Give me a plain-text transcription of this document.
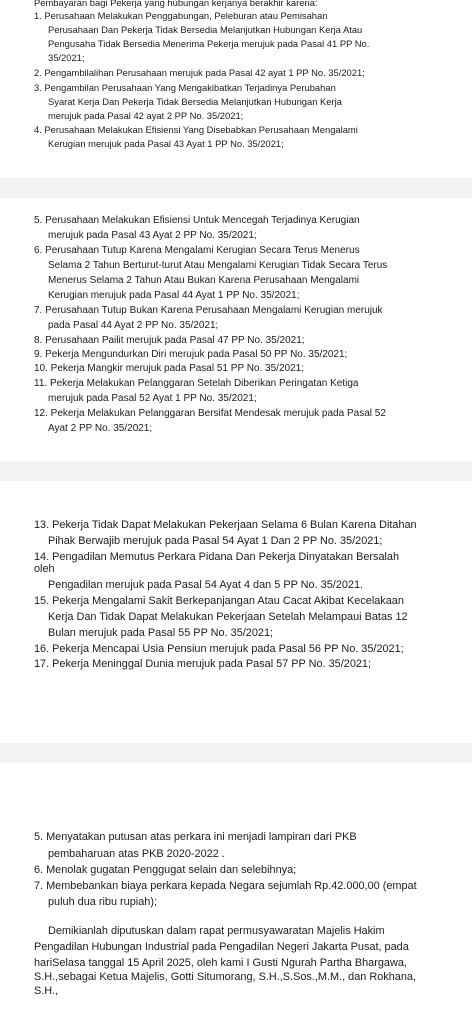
Pembayaran bagi Pekerja yang hubungan kerjanya berakhir karena:
1. Perusahaan Melakukan Penggabungan, Peleburan atau Pemisahan
Perusahaan Dan Pekerja Tidak Bersedia Melanjutkan Hubungan Kerja Atau
Pengusaha Tidak Bersedia Menerima Pekerja merujuk pada Pasal 41 PP No.
35/2021;
2. Pengambilalihan Perusahaan merujuk pada Pasal 42 ayat 1 PP No. 35/2021;
3. Pengambilan Perusahaan Yang Mengakibatkan Terjadinya Perubahan
Syarat Kerja Dan Pekerja Tidak Bersedia Melanjutkan Hubungan Kerja
merujuk pada Pasal 42 ayat 2 PP No. 35/2021;
4. Perusahaan Melakukan Efisiensi Yang Disebabkan Perusahaan Mengalami
Kerugian merujuk pada Pasal 43 Ayat 1 PP No. 35/2021;
5. Perusahaan Melakukan Efisiensi Untuk Mencegah Terjadinya Kerugian
merujuk pada Pasal 43 Ayat 2 PP No. 35/2021;
6. Perusahaan Tutup Karena Mengalami Kerugian Secara Terus Menerus
Selama 2 Tahun Berturut-turut Atau Mengalami Kerugian Tidak Secara Terus
Menerus Selama 2 Tahun Atau Bukan Karena Perusahaan Mengalami
Kerugian merujuk pada Pasal 44 Ayat 1 PP No. 35/2021;
7. Perusahaan Tutup Bukan Karena Perusahaan Mengalami Kerugian merujuk
pada Pasal 44 Ayat 2 PP No. 35/2021;
8. Perusahaan Pailit merujuk pada Pasal 47 PP No. 35/2021;
9. Pekerja Mengundurkan Diri merujuk pada Pasal 50 PP No. 35/2021;
10. Pekerja Mangkir merujuk pada Pasal 51 PP No. 35/2021;
11. Pekerja Melakukan Pelanggaran Setelah Diberikan Peringatan Ketiga
merujuk pada Pasal 52 Ayat 1 PP No. 35/2021;
12. Pekerja Melakukan Pelanggaran Bersifat Mendesak merujuk pada Pasal 52
Ayat 2 PP No. 35/2021;
13. Pekerja Tidak Dapat Melakukan Pekerjaan Selama 6 Bulan Karena Ditahan
Pihak Berwajib merujuk pada Pasal 54 Ayat 1 Dan 2 PP No. 35/2021;
14. Pengadilan Memutus Perkara Pidana Dan Pekerja Dinyatakan Bersalah
oleh
Pengadilan merujuk pada Pasal 54 Ayat 4 dan 5 PP No. 35/2021.
15. Pekerja Mengalami Sakit Berkepanjangan Atau Cacat Akibat Kecelakaan
Kerja Dan Tidak Dapat Melakukan Pekerjaan Setelah Melampaui Batas 12
Bulan merujuk pada Pasal 55 PP No. 35/2021;
16. Pekerja Mencapai Usia Pensiun merujuk pada Pasal 56 PP No. 35/2021;
17. Pekerja Meninggal Dunia merujuk pada Pasal 57 PP No. 35/2021;
5. Menyatakan putusan atas perkara ini menjadi lampiran dari PKB
pembaharuan atas PKB 2020-2022 .
6. Menolak gugatan Penggugat selain dan selebihnya;
7. Membebankan biaya perkara kepada Negara sejumlah Rp.42.000,00 (empat
puluh dua ribu rupiah);
Demikianlah diputuskan dalam rapat permusyawaratan Majelis Hakim
Pengadilan Hubungan Industrial pada Pengadilan Negeri Jakarta Pusat, pada
hariSelasa tanggal 15 April 2025, oleh kami I Gusti Ngurah Partha Bhargawa,
S.H.,sebagai Ketua Majelis, Gotti Situmorang, S.H.,S.Sos.,M.M., dan Rokhana,
S.H.,
